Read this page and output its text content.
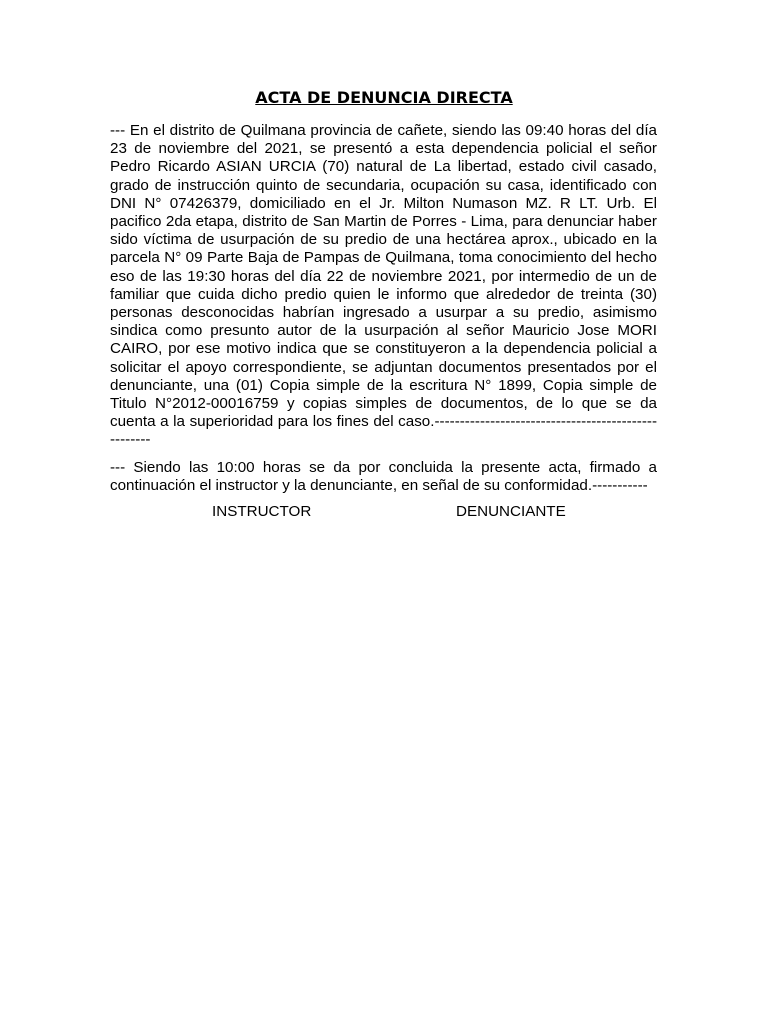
ACTA DE DENUNCIA DIRECTA

--- En el distrito de Quilmana provincia de cañete, siendo las 09:40 horas del día 23 de noviembre del 2021, se presentó a esta dependencia policial el señor Pedro Ricardo ASIAN URCIA (70) natural de La libertad, estado civil casado, grado de instrucción quinto de secundaria, ocupación su casa, identificado con DNI N° 07426379, domiciliado en el Jr. Milton Numason MZ. R LT. Urb. El pacifico 2da etapa, distrito de San Martin de Porres - Lima, para denunciar haber sido víctima de usurpación de su predio de una hectárea aprox., ubicado en la parcela N° 09 Parte Baja de Pampas de Quilmana, toma conocimiento del hecho eso de las 19:30 horas del día 22 de noviembre 2021, por intermedio de un de familiar que cuida dicho predio quien le informo que alrededor de treinta (30) personas desconocidas habrían ingresado a usurpar a su predio, asimismo sindica como presunto autor de la usurpación al señor Mauricio Jose MORI CAIRO, por ese motivo indica que se constituyeron a la dependencia policial a solicitar el apoyo correspondiente, se adjuntan documentos presentados por el denunciante, una (01) Copia simple de la escritura N° 1899, Copia simple de Titulo N°2012-00016759 y copias simples de documentos, de lo que se da cuenta a la superioridad para los fines del caso.----------------------------------------------------

--- Siendo las 10:00 horas se da por concluida la presente acta, firmado a continuación el instructor y la denunciante, en señal de su conformidad.-----------

INSTRUCTOR	DENUNCIANTE
